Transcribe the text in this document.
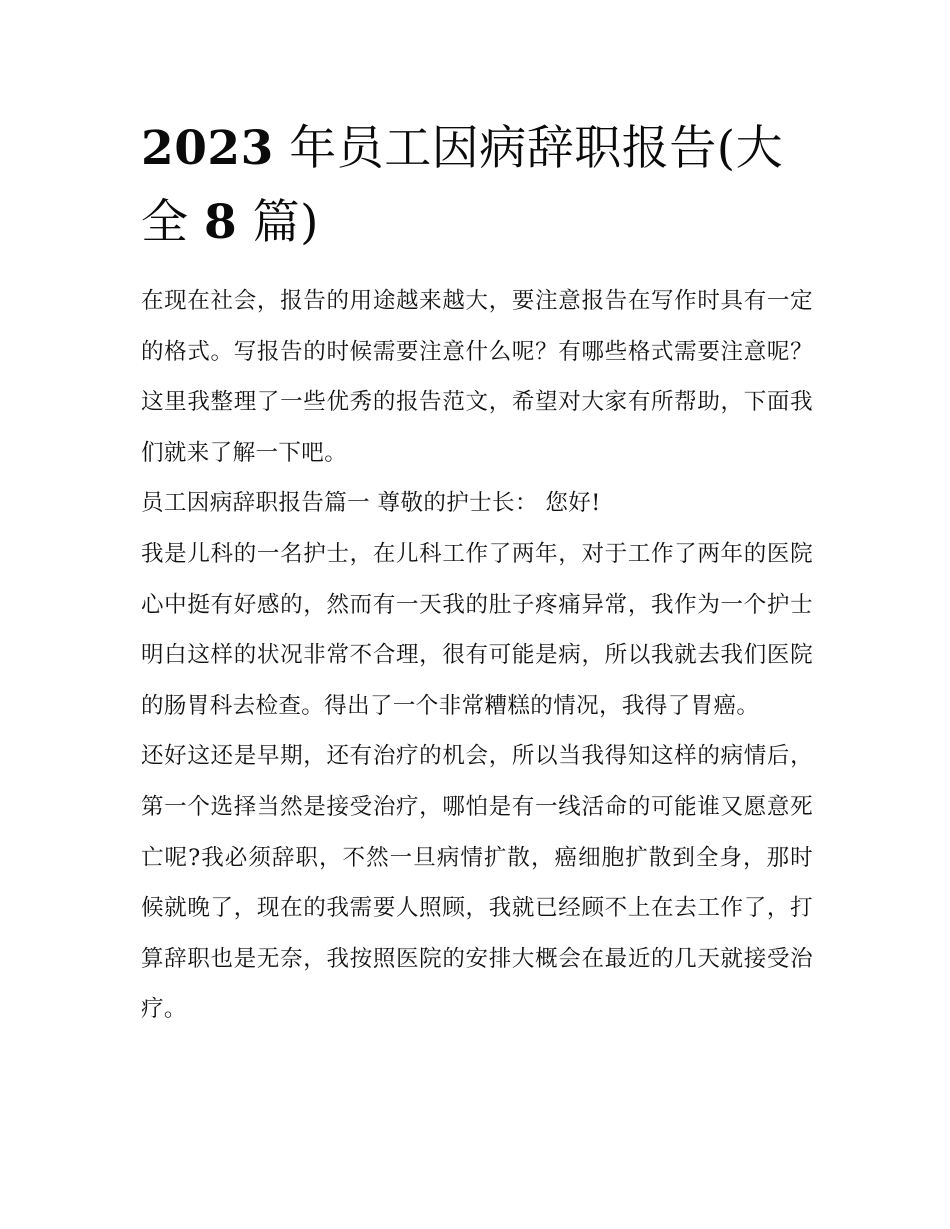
2023 年员工因病辞职报告(大全 8 篇)

在现在社会，报告的用途越来越大，要注意报告在写作时具有一定的格式。写报告的时候需要注意什么呢？有哪些格式需要注意呢？这里我整理了一些优秀的报告范文，希望对大家有所帮助，下面我们就来了解一下吧。

员工因病辞职报告篇一 尊敬的护士长： 您好!

我是儿科的一名护士，在儿科工作了两年，对于工作了两年的医院心中挺有好感的，然而有一天我的肚子疼痛异常，我作为一个护士明白这样的状况非常不合理，很有可能是病，所以我就去我们医院的肠胃科去检查。得出了一个非常糟糕的情况，我得了胃癌。

还好这还是早期，还有治疗的机会，所以当我得知这样的病情后，第一个选择当然是接受治疗，哪怕是有一线活命的可能谁又愿意死亡呢?我必须辞职，不然一旦病情扩散，癌细胞扩散到全身，那时候就晚了，现在的我需要人照顾，我就已经顾不上在去工作了，打算辞职也是无奈，我按照医院的安排大概会在最近的几天就接受治疗。
